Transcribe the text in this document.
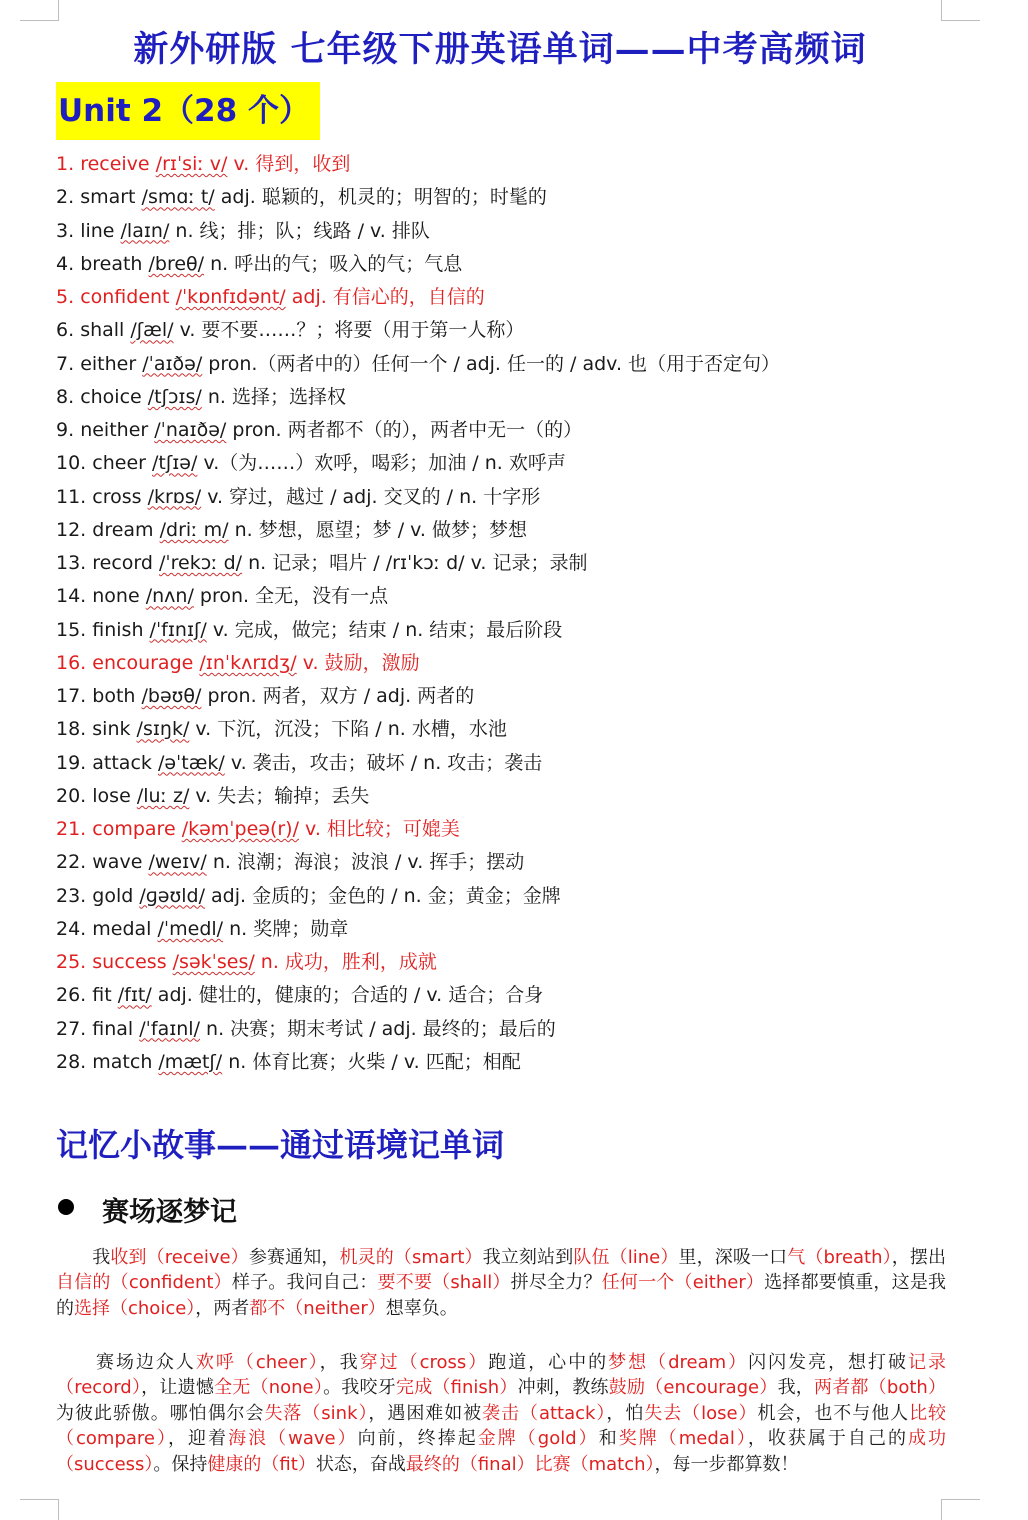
新外研版 七年级下册英语单词——中考高频词
Unit 2（28 个）
1. receive /rɪˈsiː v/ v. 得到，收到
2. smart /smɑː t/ adj. 聪颖的，机灵的；明智的；时髦的
3. line /laɪn/ n. 线；排；队；线路 / v. 排队
4. breath /breθ/ n. 呼出的气；吸入的气；气息
5. confident /ˈkɒnfɪdənt/ adj. 有信心的，自信的
6. shall /ʃæl/ v. 要不要……？；将要（用于第一人称）
7. either /ˈaɪðə/ pron.（两者中的）任何一个 / adj. 任一的 / adv. 也（用于否定句）
8. choice /tʃɔɪs/ n. 选择；选择权
9. neither /ˈnaɪðə/ pron. 两者都不（的），两者中无一（的）
10. cheer /tʃɪə/ v.（为……）欢呼，喝彩；加油 / n. 欢呼声
11. cross /krɒs/ v. 穿过，越过 / adj. 交叉的 / n. 十字形
12. dream /driː m/ n. 梦想，愿望；梦 / v. 做梦；梦想
13. record /ˈrekɔː d/ n. 记录；唱片 / /rɪˈkɔː d/ v. 记录；录制
14. none /nʌn/ pron. 全无，没有一点
15. finish /ˈfɪnɪʃ/ v. 完成，做完；结束 / n. 结束；最后阶段
16. encourage /ɪnˈkʌrɪdʒ/ v. 鼓励，激励
17. both /bəʊθ/ pron. 两者，双方 / adj. 两者的
18. sink /sɪŋk/ v. 下沉，沉没；下陷 / n. 水槽，水池
19. attack /əˈtæk/ v. 袭击，攻击；破坏 / n. 攻击；袭击
20. lose /luː z/ v. 失去；输掉；丢失
21. compare /kəmˈpeə(r)/ v. 相比较；可媲美
22. wave /weɪv/ n. 浪潮；海浪；波浪 / v. 挥手；摆动
23. gold /ɡəʊld/ adj. 金质的；金色的 / n. 金；黄金；金牌
24. medal /ˈmedl/ n. 奖牌；勋章
25. success /səkˈses/ n. 成功，胜利，成就
26. fit /fɪt/ adj. 健壮的，健康的；合适的 / v. 适合；合身
27. final /ˈfaɪnl/ n. 决赛；期末考试 / adj. 最终的；最后的
28. match /mætʃ/ n. 体育比赛；火柴 / v. 匹配；相配
记忆小故事——通过语境记单词
赛场逐梦记
　　我收到（receive）参赛通知，机灵的（smart）我立刻站到队伍（line）里，深吸一口气（breath），摆出自信的（confident）样子。我问自己：要不要（shall）拼尽全力？任何一个（either）选择都要慎重，这是我的选择（choice），两者都不（neither）想辜负。
　　赛场边众人欢呼（cheer），我穿过（cross）跑道，心中的梦想（dream）闪闪发亮，想打破记录（record），让遗憾全无（none）。我咬牙完成（finish）冲刺，教练鼓励（encourage）我，两者都（both）为彼此骄傲。哪怕偶尔会失落（sink），遇困难如被袭击（attack），怕失去（lose）机会，也不与他人比较（compare），迎着海浪（wave）向前，终捧起金牌（gold）和奖牌（medal），收获属于自己的成功（success）。保持健康的（fit）状态，奋战最终的（final）比赛（match），每一步都算数！
